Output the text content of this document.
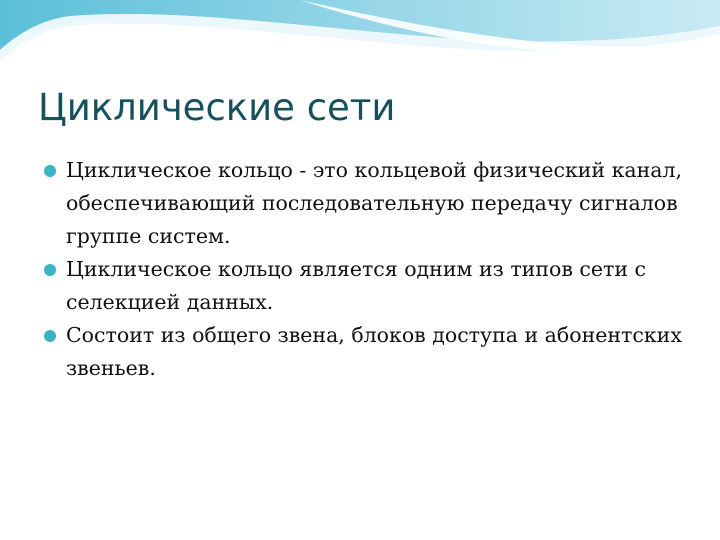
Циклические сети
Циклическое кольцо - это кольцевой физический канал, обеспечивающий последовательную передачу сигналов группе систем.
Циклическое кольцо является одним из типов сети с селекцией данных.
Состоит из общего звена, блоков доступа и абонентских звеньев.
